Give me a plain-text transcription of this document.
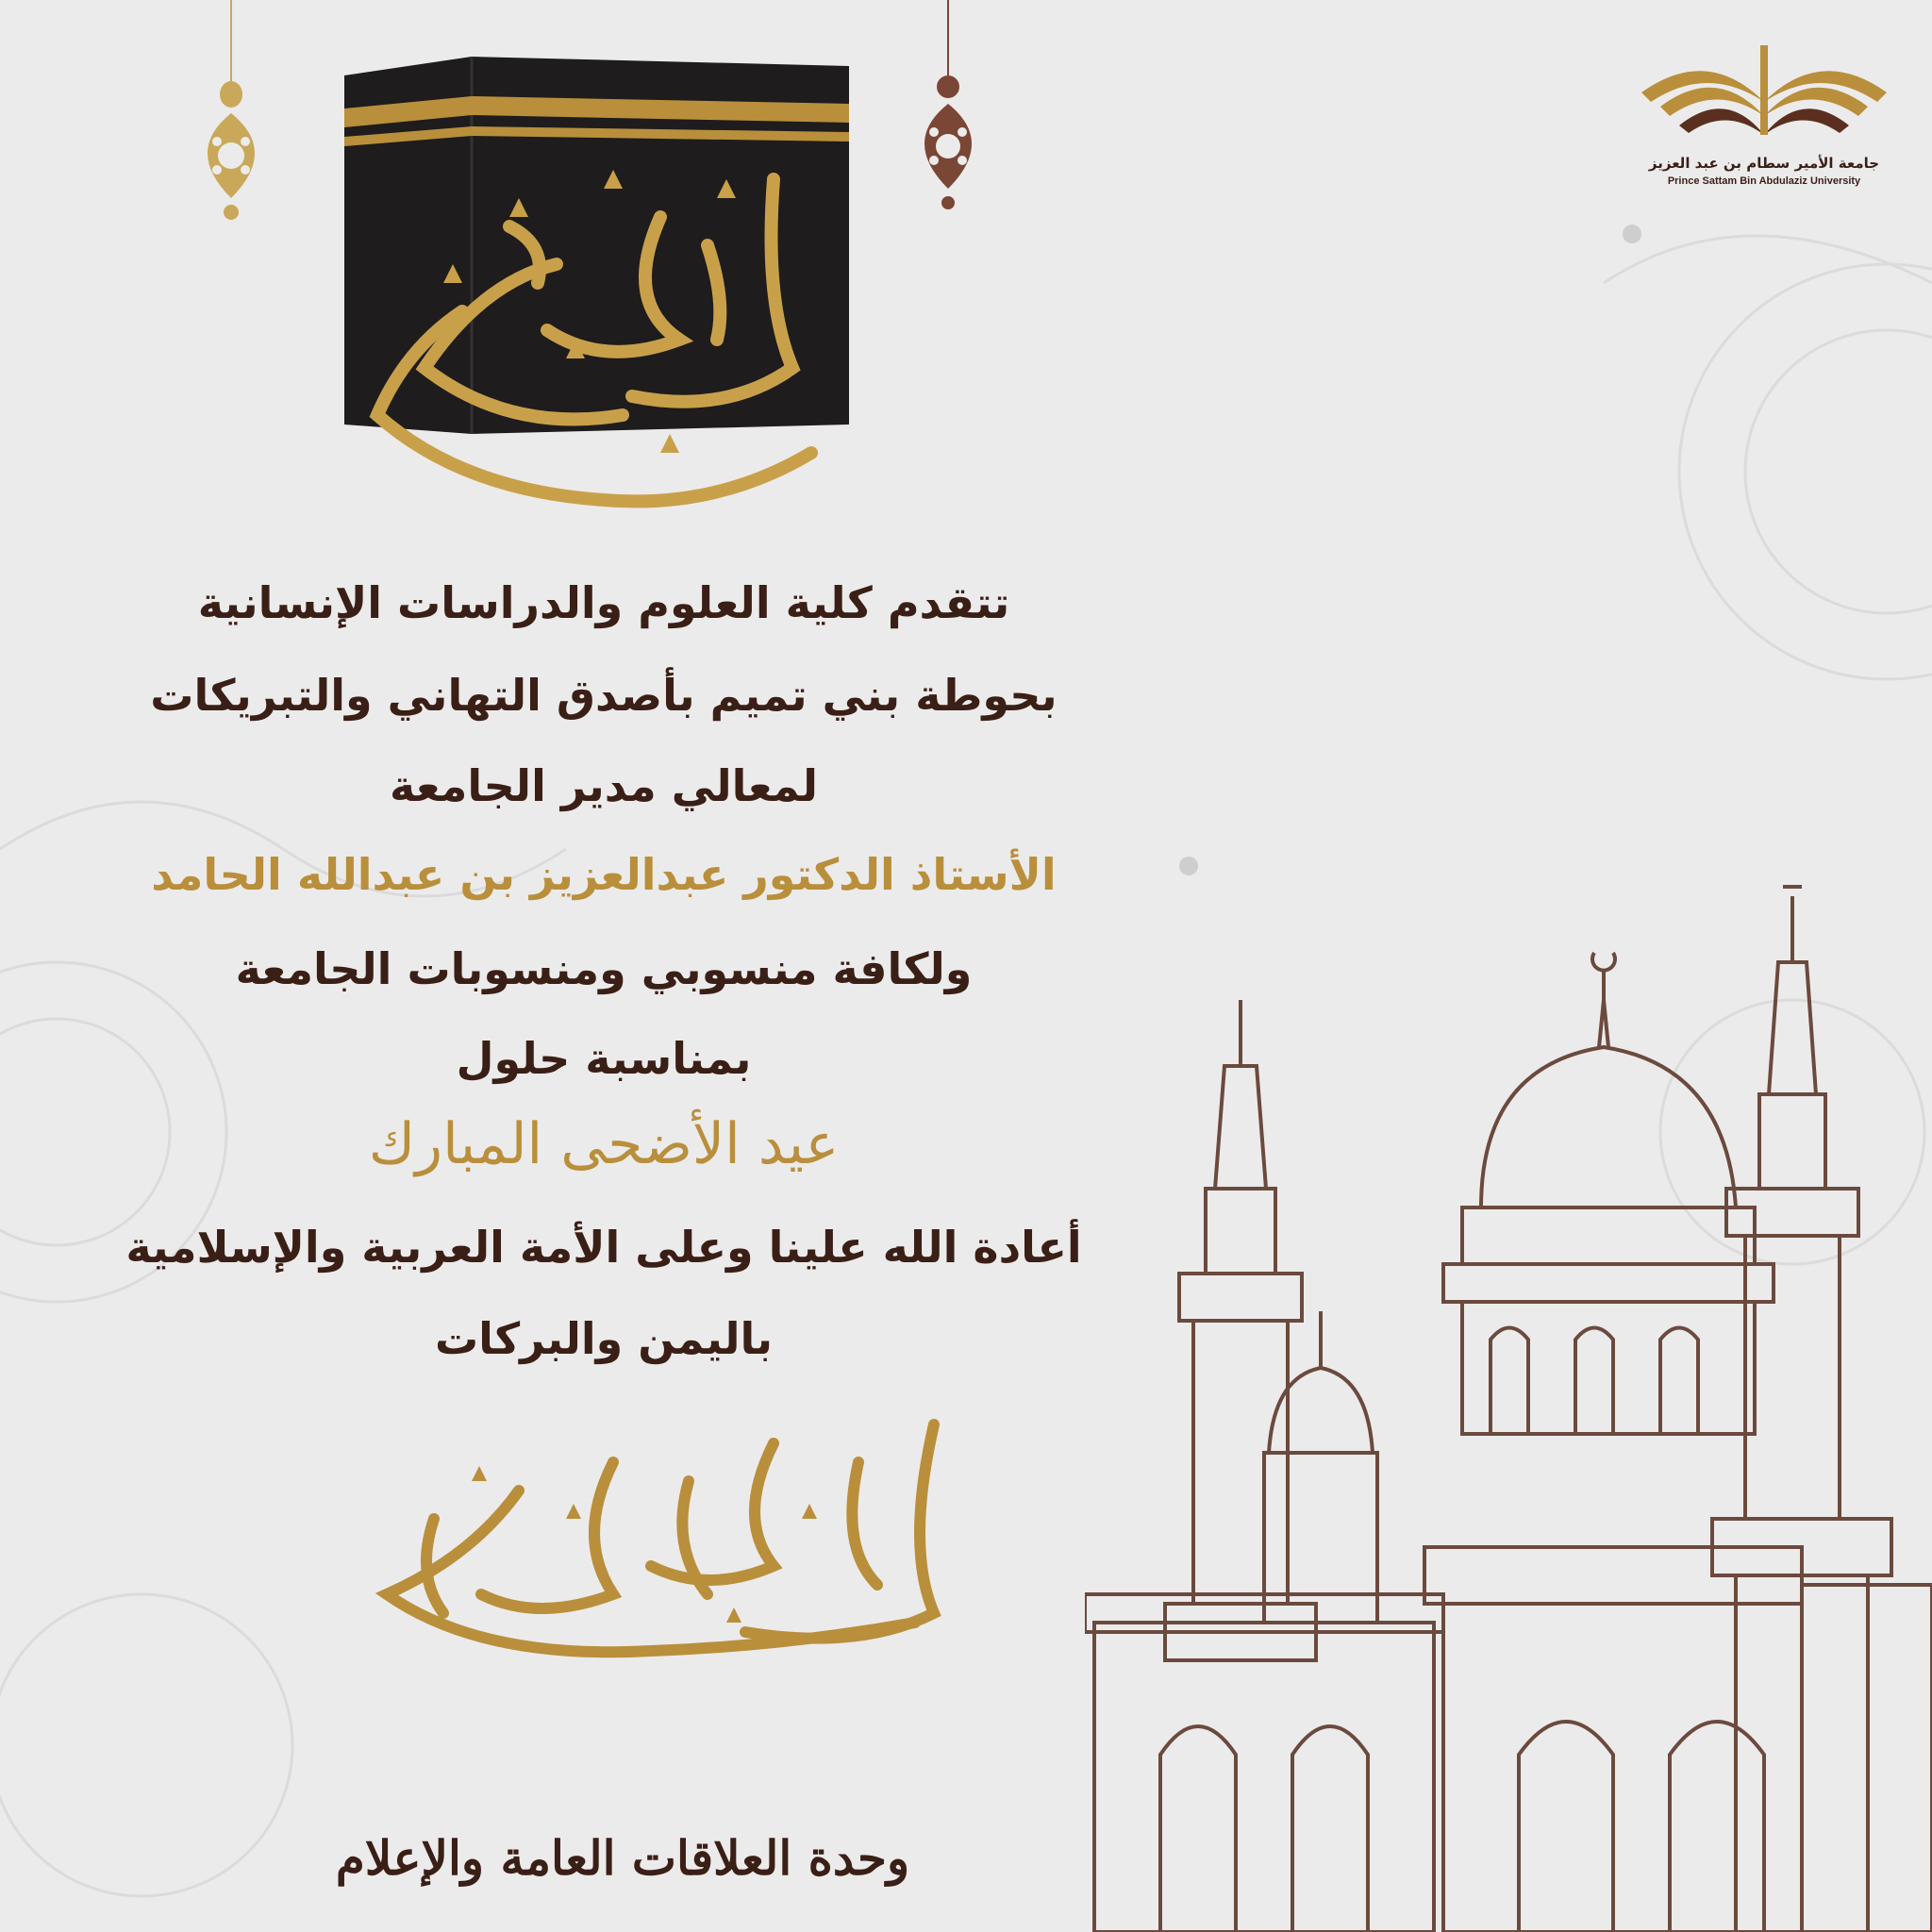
جامعة الأمير سطام بن عبد العزيز
Prince Sattam Bin Abdulaziz University
تتقدم كلية العلوم والدراسات الإنسانية
بحوطة بني تميم بأصدق التهاني والتبريكات
لمعالي مدير الجامعة
الأستاذ الدكتور عبدالعزيز بن عبدالله الحامد
ولكافة منسوبي ومنسوبات الجامعة
بمناسبة حلول
عيد الأضحى المبارك
أعادة الله علينا وعلى الأمة العربية والإسلامية
باليمن والبركات
وحدة العلاقات العامة والإعلام
